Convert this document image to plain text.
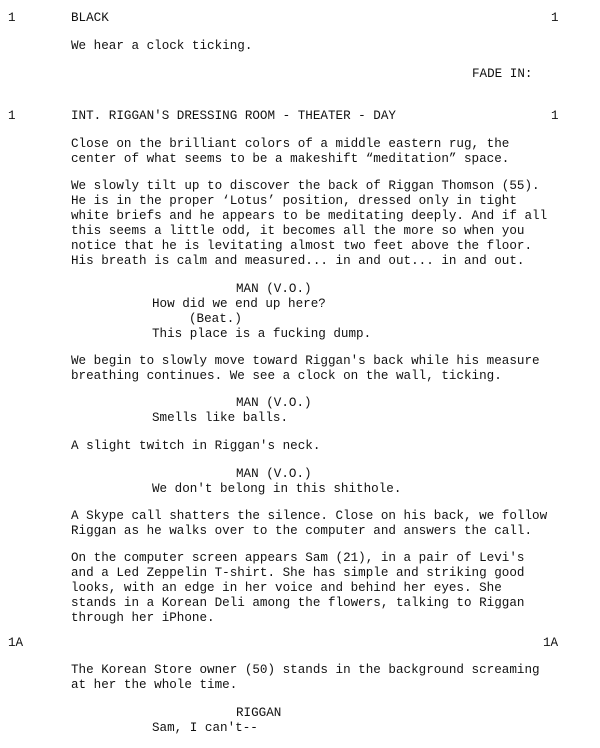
1	BLACK	1
We hear a clock ticking.
FADE IN:
1	INT. RIGGAN'S DRESSING ROOM - THEATER - DAY	1
Close on the brilliant colors of a middle eastern rug, the
center of what seems to be a makeshift “meditation” space.
We slowly tilt up to discover the back of Riggan Thomson (55).
He is in the proper ‘Lotus’ position, dressed only in tight
white briefs and he appears to be meditating deeply. And if all
this seems a little odd, it becomes all the more so when you
notice that he is levitating almost two feet above the floor.
His breath is calm and measured... in and out... in and out.
MAN (V.O.)
How did we end up here?
(Beat.)
This place is a fucking dump.
We begin to slowly move toward Riggan's back while his measure
breathing continues. We see a clock on the wall, ticking.
MAN (V.O.)
Smells like balls.
A slight twitch in Riggan's neck.
MAN (V.O.)
We don't belong in this shithole.
A Skype call shatters the silence. Close on his back, we follow
Riggan as he walks over to the computer and answers the call.
On the computer screen appears Sam (21), in a pair of Levi's
and a Led Zeppelin T-shirt. She has simple and striking good
looks, with an edge in her voice and behind her eyes. She
stands in a Korean Deli among the flowers, talking to Riggan
through her iPhone.
1A	1A
The Korean Store owner (50) stands in the background screaming
at her the whole time.
RIGGAN
Sam, I can't--
